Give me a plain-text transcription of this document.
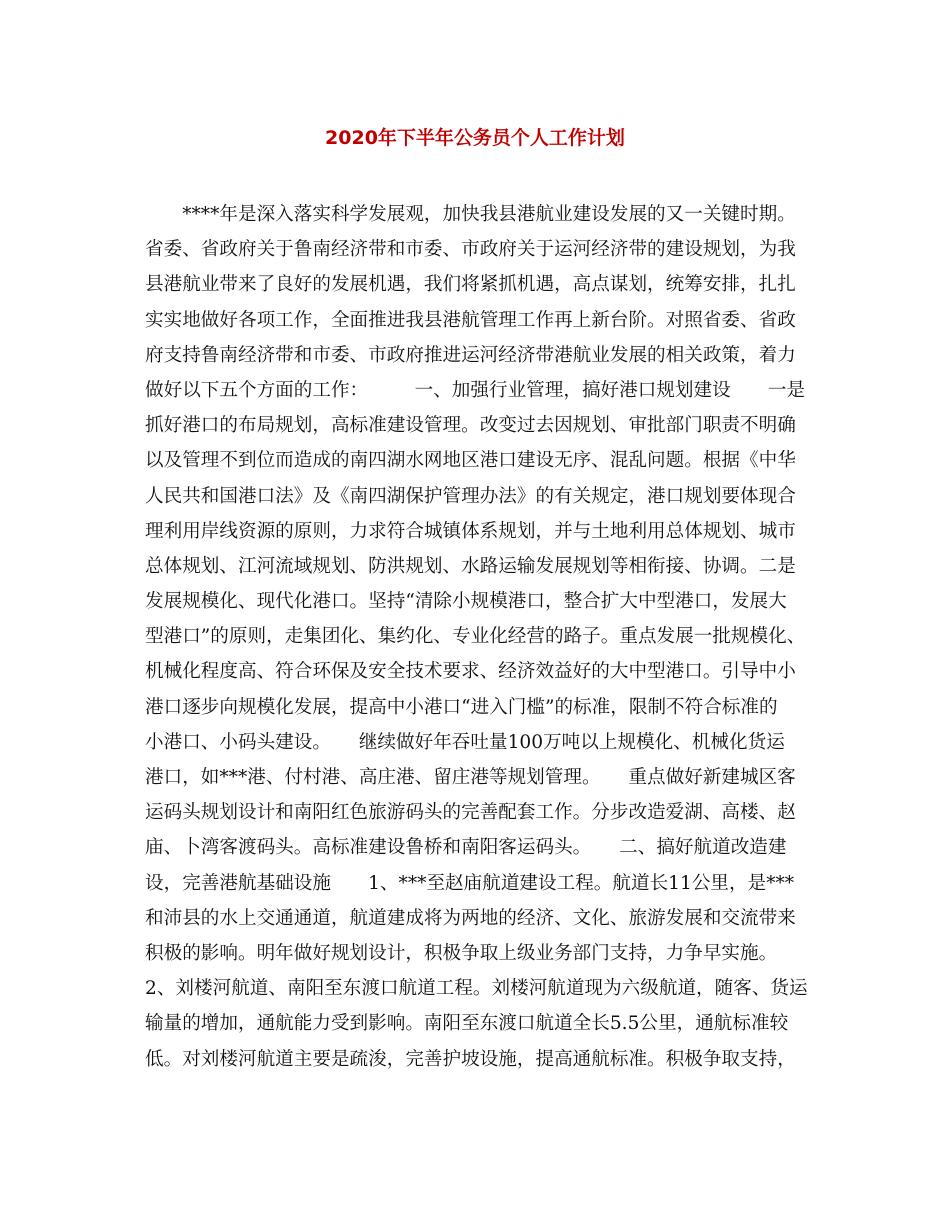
2020年下半年公务员个人工作计划
　　****年是深入落实科学发展观，加快我县港航业建设发展的又一关键时期。
省委、省政府关于鲁南经济带和市委、市政府关于运河经济带的建设规划，为我
县港航业带来了良好的发展机遇，我们将紧抓机遇，高点谋划，统筹安排，扎扎
实实地做好各项工作，全面推进我县港航管理工作再上新台阶。对照省委、省政
府支持鲁南经济带和市委、市政府推进运河经济带港航业发展的相关政策，着力
做好以下五个方面的工作：　　　一、加强行业管理，搞好港口规划建设　　一是
抓好港口的布局规划，高标准建设管理。改变过去因规划、审批部门职责不明确
以及管理不到位而造成的南四湖水网地区港口建设无序、混乱问题。根据《中华
人民共和国港口法》及《南四湖保护管理办法》的有关规定，港口规划要体现合
理利用岸线资源的原则，力求符合城镇体系规划，并与土地利用总体规划、城市
总体规划、江河流域规划、防洪规划、水路运输发展规划等相衔接、协调。二是
发展规模化、现代化港口。坚持“清除小规模港口，整合扩大中型港口，发展大
型港口”的原则，走集团化、集约化、专业化经营的路子。重点发展一批规模化、
机械化程度高、符合环保及安全技术要求、经济效益好的大中型港口。引导中小
港口逐步向规模化发展，提高中小港口“进入门槛”的标准，限制不符合标准的
小港口、小码头建设。　　继续做好年吞吐量100万吨以上规模化、机械化货运
港口，如***港、付村港、高庄港、留庄港等规划管理。　　重点做好新建城区客
运码头规划设计和南阳红色旅游码头的完善配套工作。分步改造爱湖、高楼、赵
庙、卜湾客渡码头。高标准建设鲁桥和南阳客运码头。　　二、搞好航道改造建
设，完善港航基础设施　　1、***至赵庙航道建设工程。航道长11公里，是***
和沛县的水上交通通道，航道建成将为两地的经济、文化、旅游发展和交流带来
积极的影响。明年做好规划设计，积极争取上级业务部门支持，力争早实施。
2、刘楼河航道、南阳至东渡口航道工程。刘楼河航道现为六级航道，随客、货运
输量的增加，通航能力受到影响。南阳至东渡口航道全长5.5公里，通航标准较
低。对刘楼河航道主要是疏浚，完善护坡设施，提高通航标准。积极争取支持，
